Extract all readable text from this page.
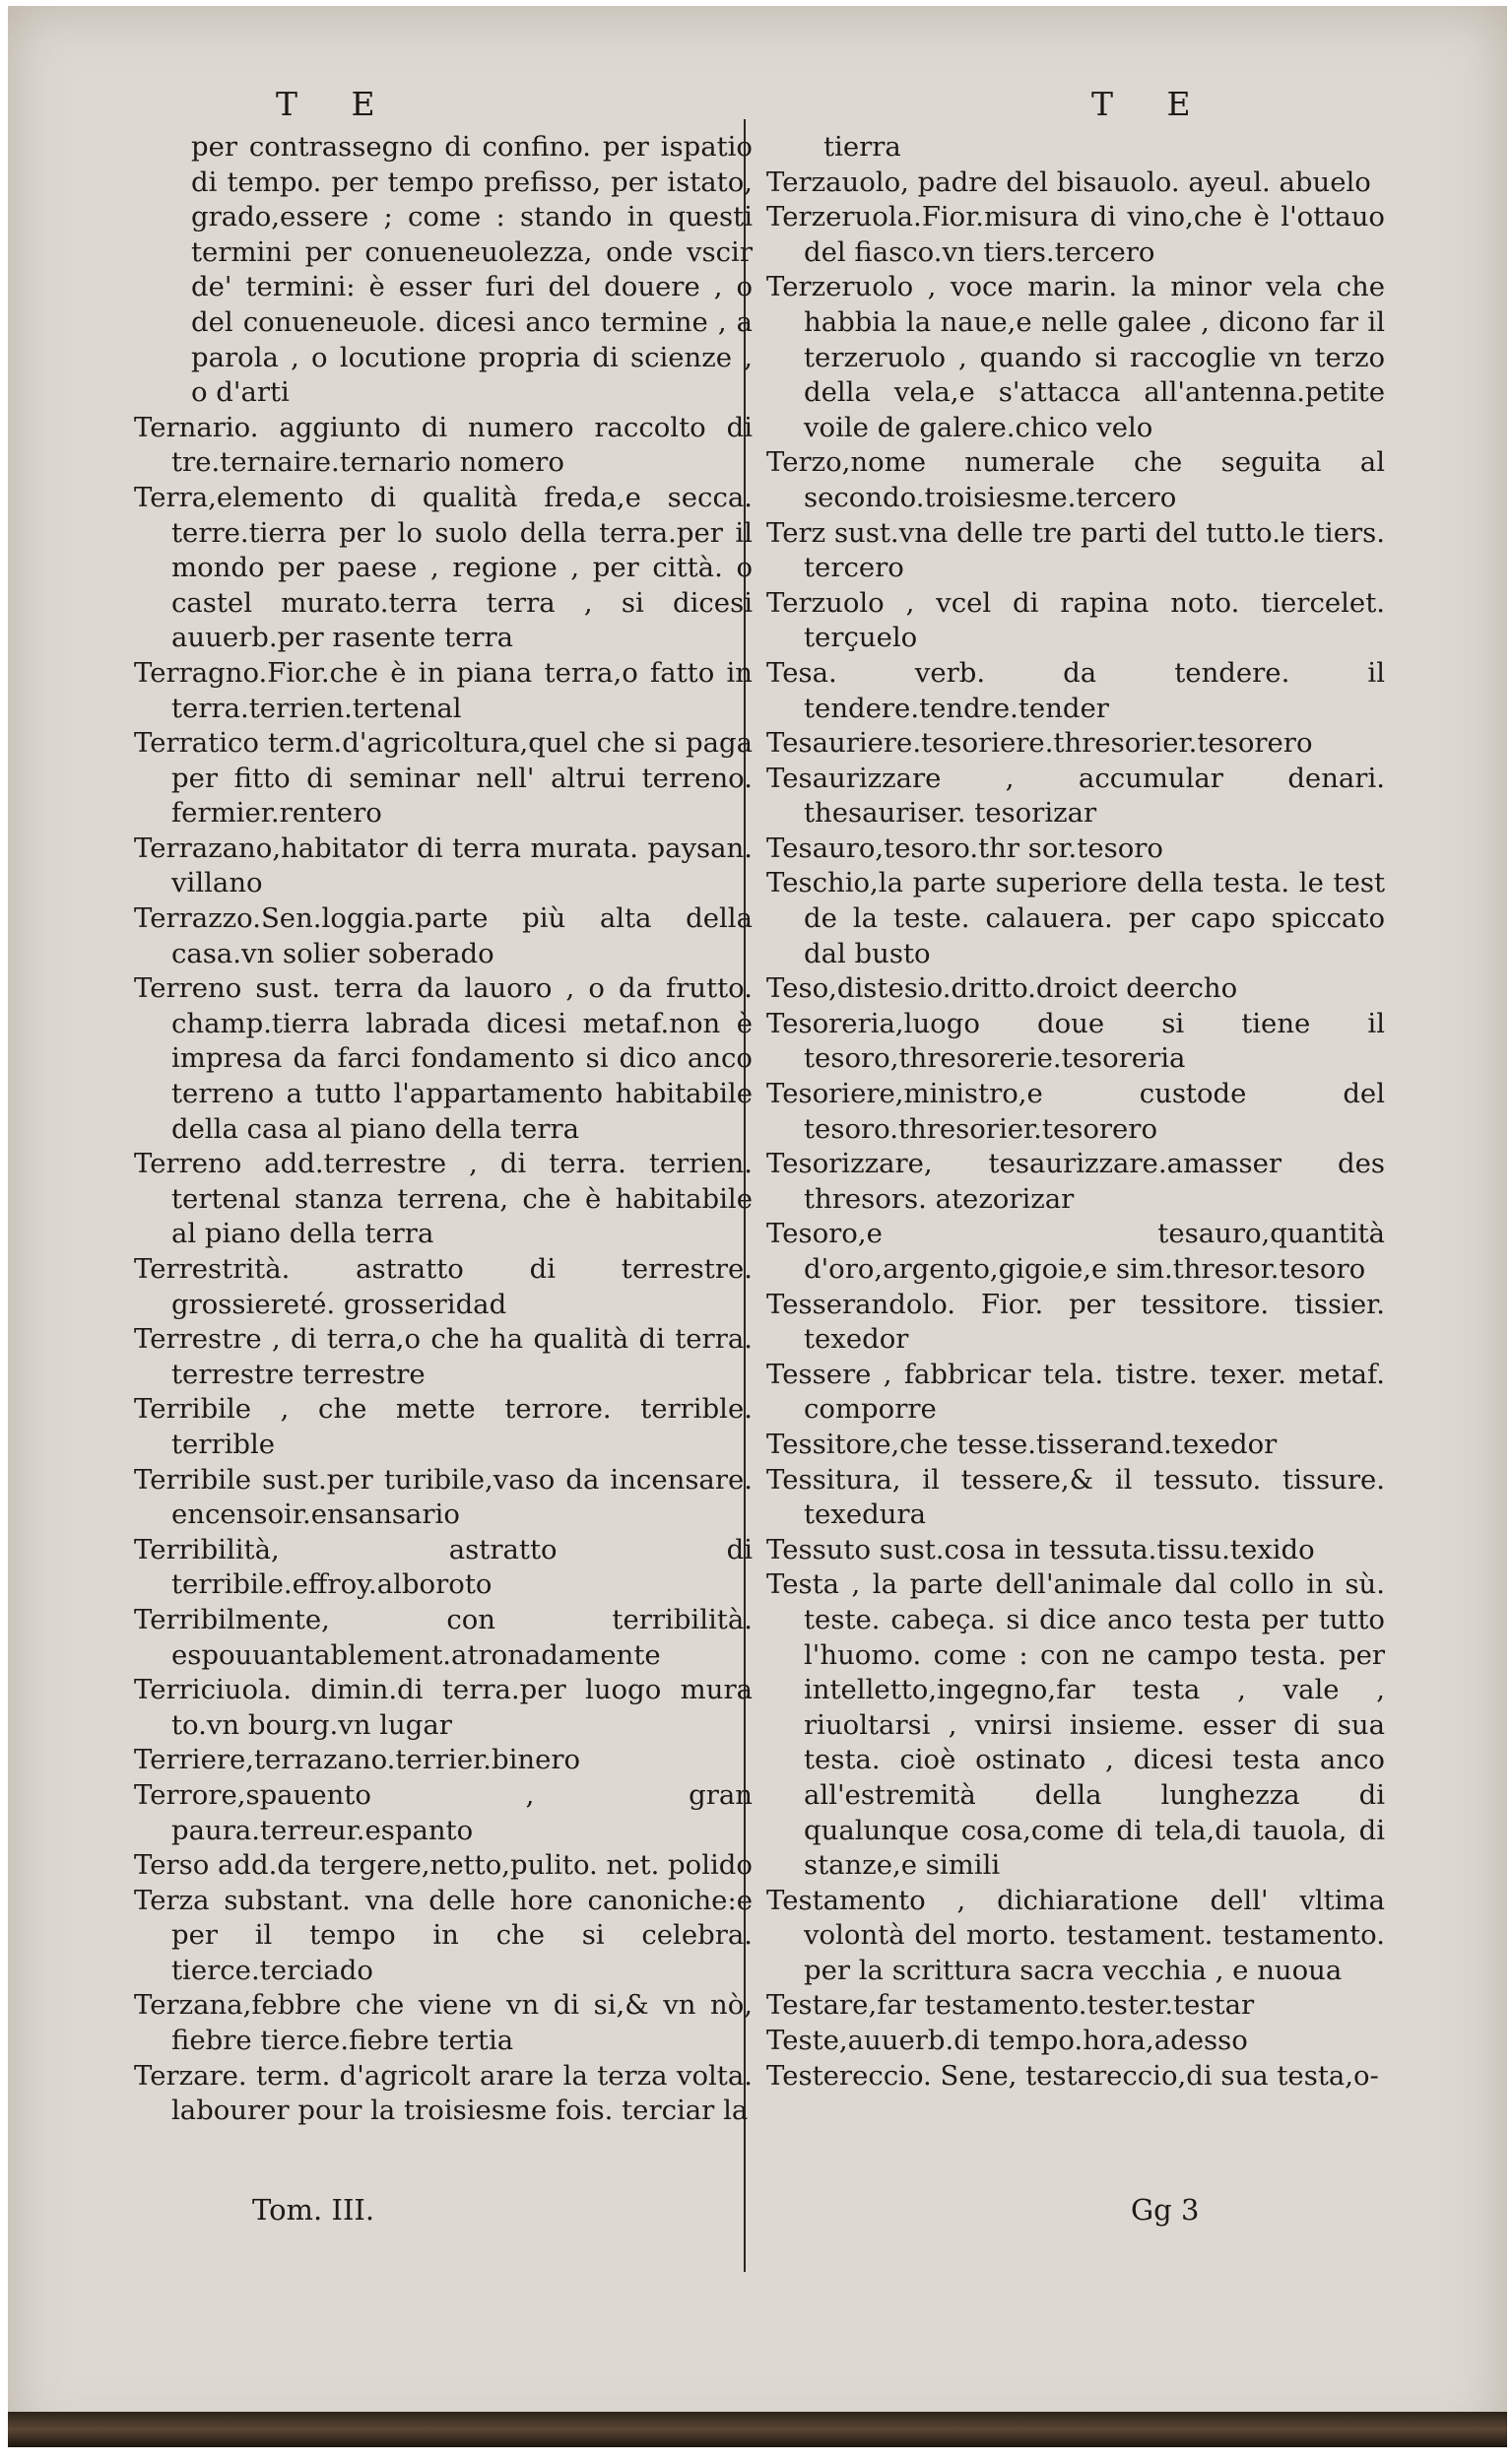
T E	T E
per contrassegno di confino. per ispatio di tempo. per tempo prefisso, per istato, grado,essere ; come : stando in questi termini per conueneuolezza, onde vscir de' termini: è esser furi del douere , o del conueneuole. dicesi anco termine , a parola , o locutione propria di scienze , o d'arti
Ternario. aggiunto di numero raccolto di tre.ternaire.ternario nomero
Terra,elemento di qualità freda,e secca. terre.tierra per lo suolo della terra.per il mondo per paese , regione , per città. o castel murato.terra terra , si dicesi auuerb.per rasente terra
Terragno.Fior.che è in piana terra,o fatto in terra.terrien.tertenal
Terratico term.d'agricoltura,quel che si paga per fitto di seminar nell' altrui terreno. fermier.rentero
Terrazano,habitator di terra murata. paysan. villano
Terrazzo.Sen.loggia.parte più alta della casa.vn solier soberado
Terreno sust. terra da lauoro , o da frutto. champ.tierra labrada dicesi metaf.non è impresa da farci fondamento si dico anco terreno a tutto l'appartamento habitabile della casa al piano della terra
Terreno add.terrestre , di terra. terrien. tertenal stanza terrena, che è habitabile al piano della terra
Terrestrità. astratto di terrestre. grossiereté. grosseridad
Terrestre , di terra,o che ha qualità di terra. terrestre terrestre
Terribile , che mette terrore. terrible. terrible
Terribile sust.per turibile,vaso da incensare. encensoir.ensansario
Terribilità, astratto di terribile.effroy.alboroto
Terribilmente, con terribilità. espouuantablement.atronadamente
Terriciuola. dimin.di terra.per luogo mura to.vn bourg.vn lugar
Terriere,terrazano.terrier.binero
Terrore,spauento , gran paura.terreur.espanto
Terso add.da tergere,netto,pulito. net. polido
Terza substant. vna delle hore canoniche:e per il tempo in che si celebra. tierce.terciado
Terzana,febbre che viene vn di si,& vn nò, fiebre tierce.fiebre tertia
Terzare. term. d'agricolt arare la terza volta. labourer pour la troisiesme fois. terciar la
tierra
Terzauolo, padre del bisauolo. ayeul. abuelo
Terzeruola.Fior.misura di vino,che è l'ottauo del fiasco.vn tiers.tercero
Terzeruolo , voce marin. la minor vela che habbia la naue,e nelle galee , dicono far il terzeruolo , quando si raccoglie vn terzo della vela,e s'attacca all'antenna.petite voile de galere.chico velo
Terzo,nome numerale che seguita al secondo.troisiesme.tercero
Terz sust.vna delle tre parti del tutto.le tiers. tercero
Terzuolo , vcel di rapina noto. tiercelet. terçuelo
Tesa. verb. da tendere. il tendere.tendre.tender
Tesauriere.tesoriere.thresorier.tesorero
Tesaurizzare , accumular denari. thesauriser. tesorizar
Tesauro,tesoro.thr sor.tesoro
Teschio,la parte superiore della testa. le test de la teste. calauera. per capo spiccato dal busto
Teso,distesio.dritto.droict deercho
Tesoreria,luogo doue si tiene il tesoro,thresorerie.tesoreria
Tesoriere,ministro,e custode del tesoro.thresorier.tesorero
Tesorizzare, tesaurizzare.amasser des thresors. atezorizar
Tesoro,e tesauro,quantità d'oro,argento,gigoie,e sim.thresor.tesoro
Tesserandolo. Fior. per tessitore. tissier. texedor
Tessere , fabbricar tela. tistre. texer. metaf. comporre
Tessitore,che tesse.tisserand.texedor
Tessitura, il tessere,& il tessuto. tissure. texedura
Tessuto sust.cosa in tessuta.tissu.texido
Testa , la parte dell'animale dal collo in sù. teste. cabeça. si dice anco testa per tutto l'huomo. come : con ne campo testa. per intelletto,ingegno,far testa , vale , riuoltarsi , vnirsi insieme. esser di sua testa. cioè ostinato , dicesi testa anco all'estremità della lunghezza di qualunque cosa,come di tela,di tauola, di stanze,e simili
Testamento , dichiaratione dell' vltima volontà del morto. testament. testamento. per la scrittura sacra vecchia , e nuoua
Testare,far testamento.tester.testar
Teste,auuerb.di tempo.hora,adesso
Testereccio. Sene, testareccio,di sua testa,o-
Tom. III.	Gg 3
